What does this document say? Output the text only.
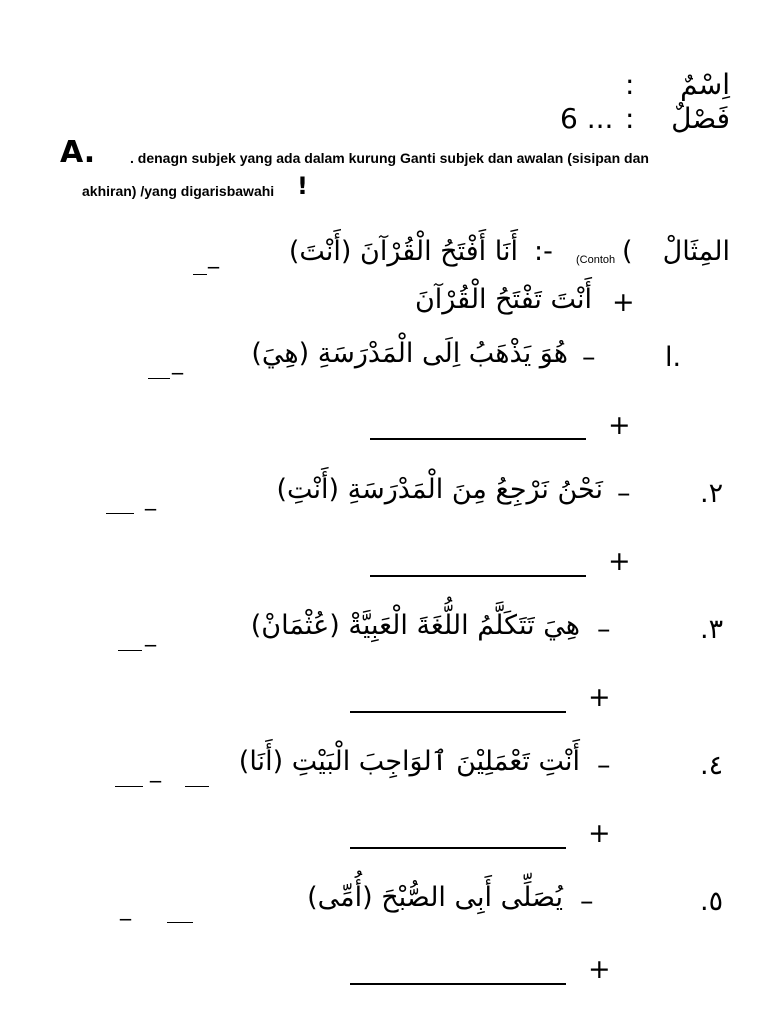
اِسْمٌ
:
فَصْلٌ
:
6 ...
A. . denagn subjek yang ada dalam kurung Ganti subjek dan awalan (sisipan dan
akhiran) /yang digarisbawahi !
المِثَالْ
(
(Contoh
:-
أَنَا أَفْتَحُ الْقُرْآنَ (أَنْتَ)
_
+
أَنْتَ تَفْتَحُ الْقُرْآنَ
ا.
–
هُوَ يَذْهَبُ اِلَى الْمَدْرَسَةِ (هِيَ)
_
+
.٢
–
نَحْنُ نَرْجِعُ مِنَ الْمَدْرَسَةِ (أَنْتِ)
_
+
.٣
–
هِيَ تَتَكَلَّمُ اللُّغَةَ الْعَبِيَّةْ (عُثْمَانْ)
_
+
.٤
–
أَنْتِ تَعْمَلِيْنَ ٱلوَاجِبَ الْبَيْتِ (أَنَا)
_
+
.٥
–
يُصَلِّى أَبِى الصُّبْحَ (أُمِّى)
_
+
